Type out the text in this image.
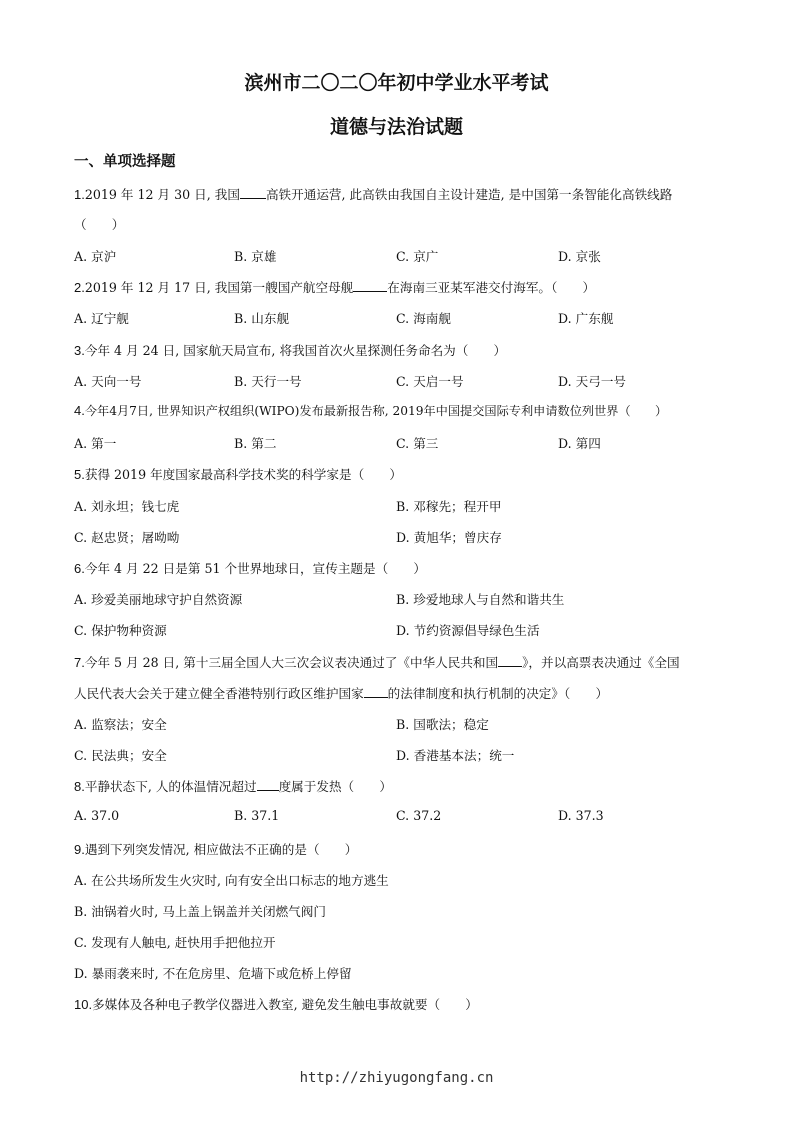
滨州市二〇二〇年初中学业水平考试
道德与法治试题
一、单项选择题
1.2019 年 12 月 30 日, 我国 高铁开通运营, 此高铁由我国自主设计建造, 是中国第一条智能化高铁线路
（　　）
A. 京沪	B. 京雄	C. 京广	D. 京张
2.2019 年 12 月 17 日, 我国第一艘国产航空母舰	在海南三亚某军港交付海军。（　　）
A. 辽宁舰	B. 山东舰	C. 海南舰	D. 广东舰
3.今年 4 月 24 日, 国家航天局宣布, 将我国首次火星探测任务命名为（　　）
A. 天向一号	B. 天行一号	C. 天启一号	D. 天弓一号
4.今年4月7日, 世界知识产权组织(WIPO)发布最新报告称, 2019年中国提交国际专利申请数位列世界（　　）
A. 第一	B. 第二	C. 第三	D. 第四
5.获得 2019 年度国家最高科学技术奖的科学家是（　　）
A. 刘永坦；钱七虎	B. 邓稼先；程开甲
C. 赵忠贤；屠呦呦	D. 黄旭华；曾庆存
6.今年 4 月 22 日是第 51 个世界地球日，宣传主题是（　　）
A. 珍爱美丽地球守护自然资源	B. 珍爱地球人与自然和谐共生
C. 保护物种资源	D. 节约资源倡导绿色生活
7.今年 5 月 28 日, 第十三届全国人大三次会议表决通过了《中华人民共和国 》，并以高票表决通过《全国
人民代表大会关于建立健全香港特别行政区维护国家 的法律制度和执行机制的决定》（　　）
A. 监察法；安全	B. 国歌法；稳定
C. 民法典；安全	D. 香港基本法；统一
8.平静状态下, 人的体温情况超过 度属于发热（　　）
A. 37.0	B. 37.1	C. 37.2	D. 37.3
9.遇到下列突发情况, 相应做法不正确的是（　　）
A. 在公共场所发生火灾时, 向有安全出口标志的地方逃生
B. 油锅着火时, 马上盖上锅盖并关闭燃气阀门
C. 发现有人触电, 赶快用手把他拉开
D. 暴雨袭来时, 不在危房里、危墙下或危桥上停留
10.多媒体及各种电子教学仪器进入教室, 避免发生触电事故就要（　　）
http://zhiyugongfang.cn
